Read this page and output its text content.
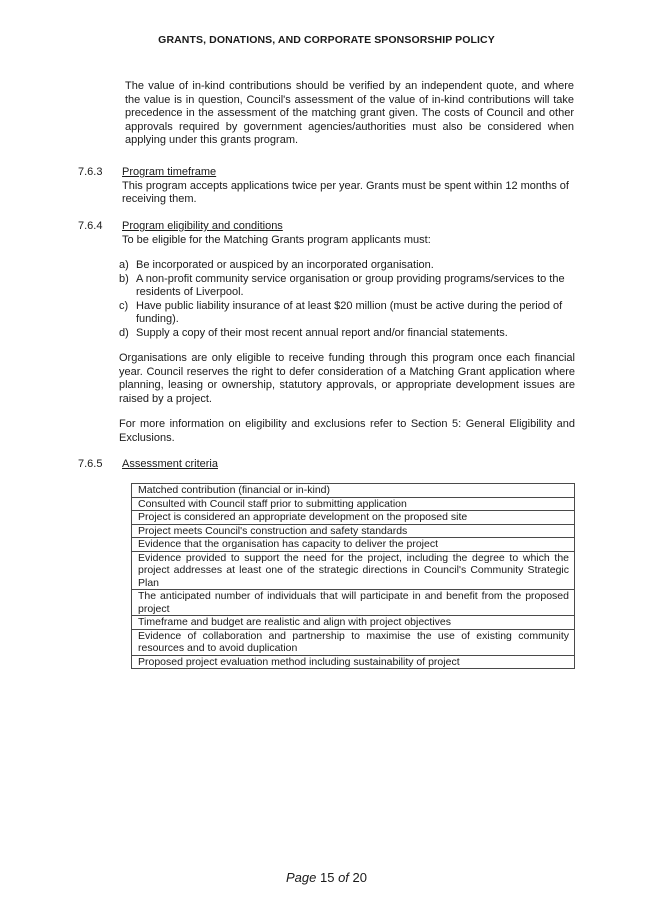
GRANTS, DONATIONS, AND CORPORATE SPONSORSHIP POLICY
The value of in-kind contributions should be verified by an independent quote, and where the value is in question, Council's assessment of the value of in-kind contributions will take precedence in the assessment of the matching grant given. The costs of Council and other approvals required by government agencies/authorities must also be considered when applying under this grants program.
7.6.3 Program timeframe
This program accepts applications twice per year. Grants must be spent within 12 months of receiving them.
7.6.4 Program eligibility and conditions
To be eligible for the Matching Grants program applicants must:
a) Be incorporated or auspiced by an incorporated organisation.
b) A non-profit community service organisation or group providing programs/services to the residents of Liverpool.
c) Have public liability insurance of at least $20 million (must be active during the period of funding).
d) Supply a copy of their most recent annual report and/or financial statements.
Organisations are only eligible to receive funding through this program once each financial year. Council reserves the right to defer consideration of a Matching Grant application where planning, leasing or ownership, statutory approvals, or appropriate development issues are raised by a project.
For more information on eligibility and exclusions refer to Section 5: General Eligibility and Exclusions.
7.6.5 Assessment criteria
Matched contribution (financial or in-kind)
Consulted with Council staff prior to submitting application
Project is considered an appropriate development on the proposed site
Project meets Council's construction and safety standards
Evidence that the organisation has capacity to deliver the project
Evidence provided to support the need for the project, including the degree to which the project addresses at least one of the strategic directions in Council's Community Strategic Plan
The anticipated number of individuals that will participate in and benefit from the proposed project
Timeframe and budget are realistic and align with project objectives
Evidence of collaboration and partnership to maximise the use of existing community resources and to avoid duplication
Proposed project evaluation method including sustainability of project
Page 15 of 20
